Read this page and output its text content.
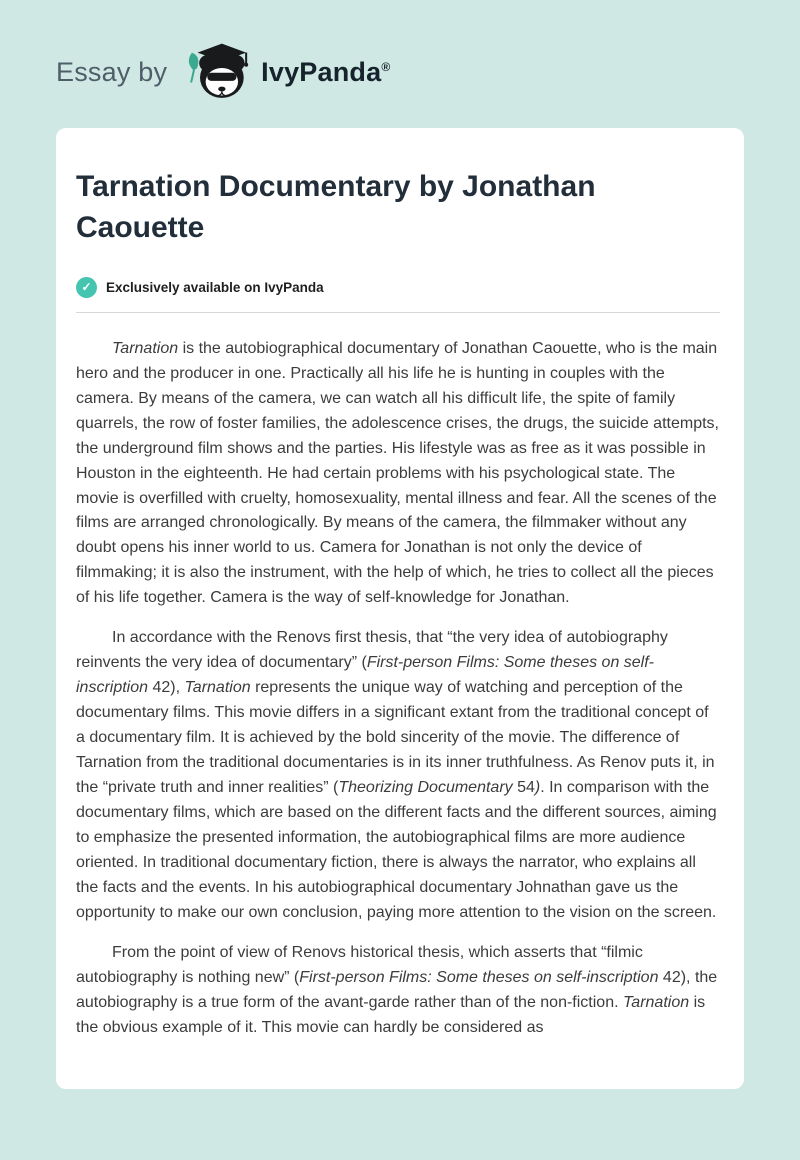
Essay by	IvyPanda®
Tarnation Documentary by Jonathan Caouette
✓	Exclusively available on IvyPanda

Tarnation is the autobiographical documentary of Jonathan Caouette, who is the main hero and the producer in one. Practically all his life he is hunting in couples with the camera. By means of the camera, we can watch all his difficult life, the spite of family quarrels, the row of foster families, the adolescence crises, the drugs, the suicide attempts, the underground film shows and the parties. His lifestyle was as free as it was possible in Houston in the eighteenth. He had certain problems with his psychological state. The movie is overfilled with cruelty, homosexuality, mental illness and fear. All the scenes of the films are arranged chronologically. By means of the camera, the filmmaker without any doubt opens his inner world to us. Camera for Jonathan is not only the device of filmmaking; it is also the instrument, with the help of which, he tries to collect all the pieces of his life together. Camera is the way of self-knowledge for Jonathan.

In accordance with the Renovs first thesis, that “the very idea of autobiography reinvents the very idea of documentary” (First-person Films: Some theses on self-inscription 42), Tarnation represents the unique way of watching and perception of the documentary films. This movie differs in a significant extant from the traditional concept of a documentary film. It is achieved by the bold sincerity of the movie. The difference of Tarnation from the traditional documentaries is in its inner truthfulness. As Renov puts it, in the “private truth and inner realities” (Theorizing Documentary 54). In comparison with the documentary films, which are based on the different facts and the different sources, aiming to emphasize the presented information, the autobiographical films are more audience oriented. In traditional documentary fiction, there is always the narrator, who explains all the facts and the events. In his autobiographical documentary Johnathan gave us the opportunity to make our own conclusion, paying more attention to the vision on the screen.

From the point of view of Renovs historical thesis, which asserts that “filmic autobiography is nothing new” (First-person Films: Some theses on self-inscription 42), the autobiography is a true form of the avant-garde rather than of the non-fiction. Tarnation is the obvious example of it. This movie can hardly be considered as
